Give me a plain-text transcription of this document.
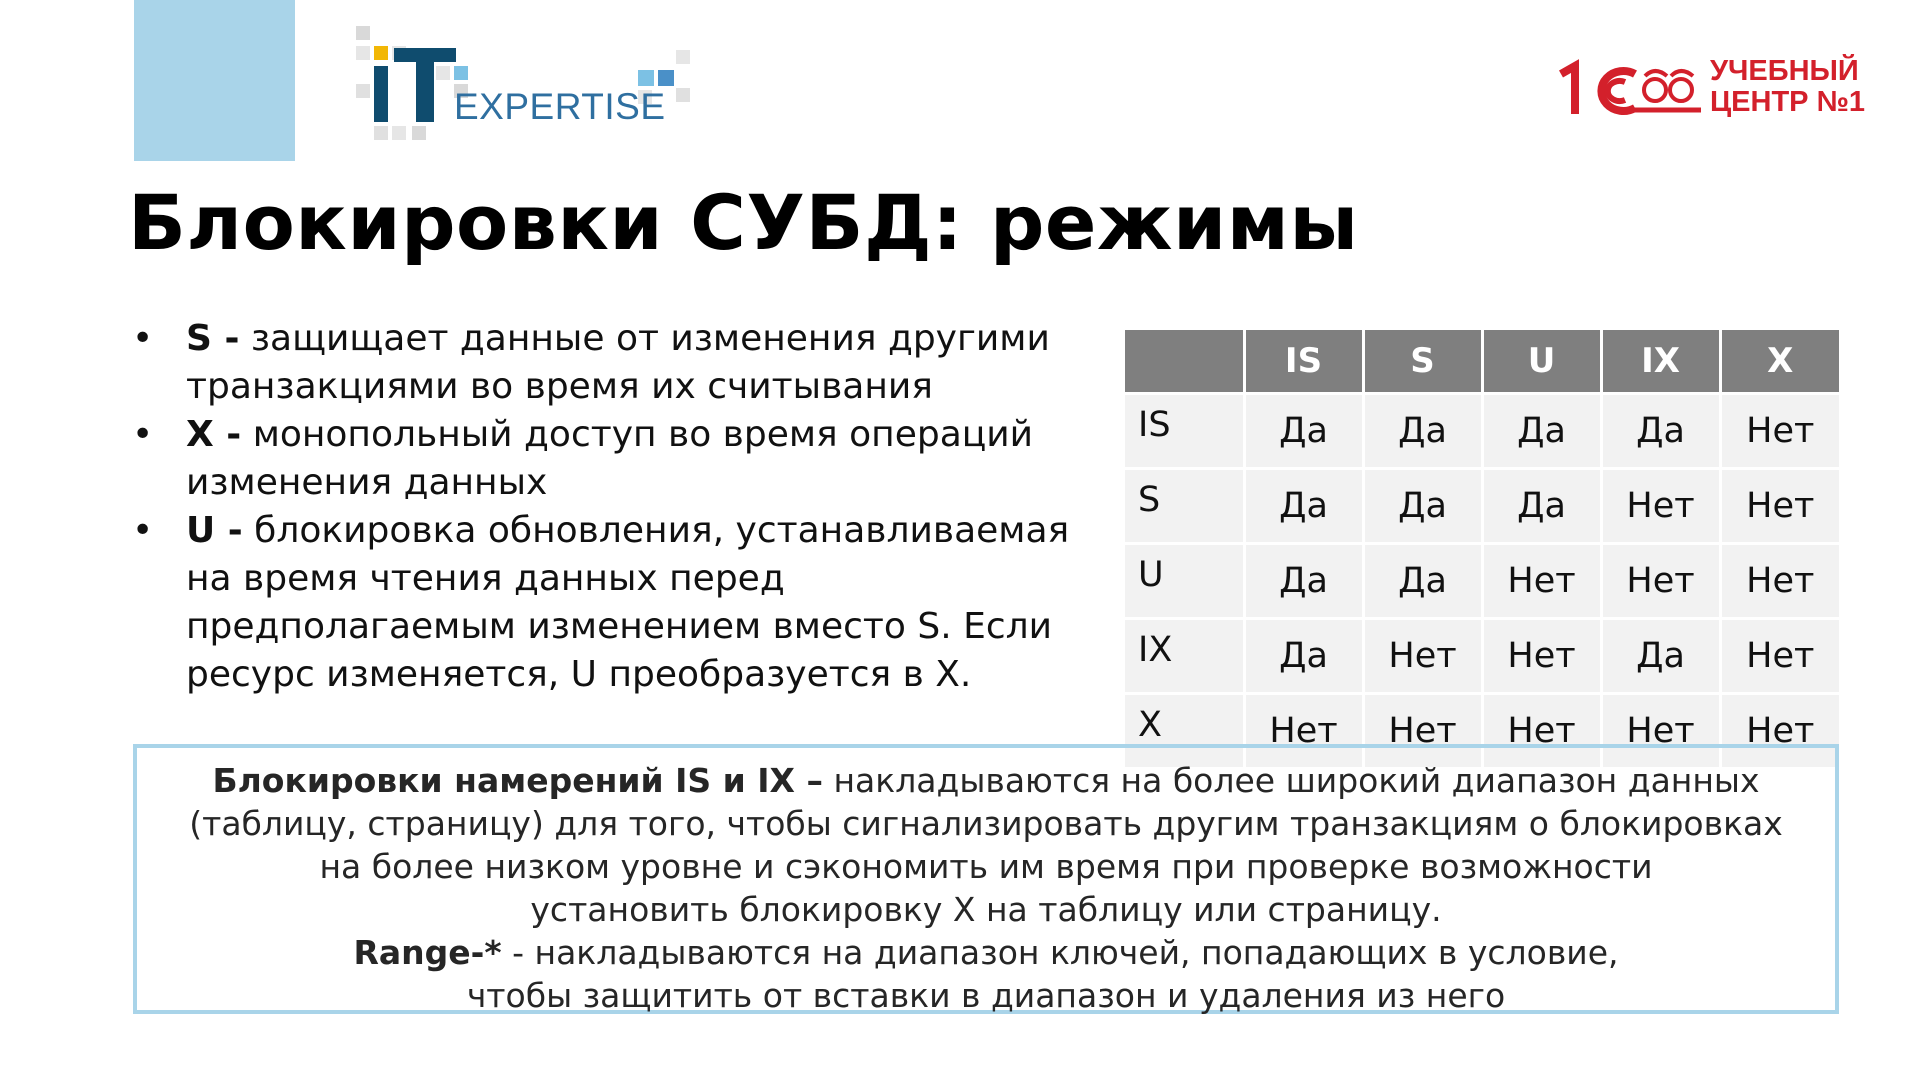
EXPERTISE
УЧЕБНЫЙ
ЦЕНТР №1
Блокировки СУБД: режимы
• S - защищает данные от изменения другими
транзакциями во время их считывания
• X - монопольный доступ во время операций
изменения данных
• U - блокировка обновления, устанавливаемая
на время чтения данных перед
предполагаемым изменением вместо S. Если
ресурс изменяется, U преобразуется в X.
	IS	S	U	IX	X
IS	Да	Да	Да	Да	Нет
S	Да	Да	Да	Нет	Нет
U	Да	Да	Нет	Нет	Нет
IX	Да	Нет	Нет	Да	Нет
X	Нет	Нет	Нет	Нет	Нет
Блокировки намерений IS и IX – накладываются на более широкий диапазон данных
(таблицу, страницу) для того, чтобы сигнализировать другим транзакциям о блокировках
на более низком уровне и сэкономить им время при проверке возможности
установить блокировку X на таблицу или страницу.
Range-* - накладываются на диапазон ключей, попадающих в условие,
чтобы защитить от вставки в диапазон и удаления из него
